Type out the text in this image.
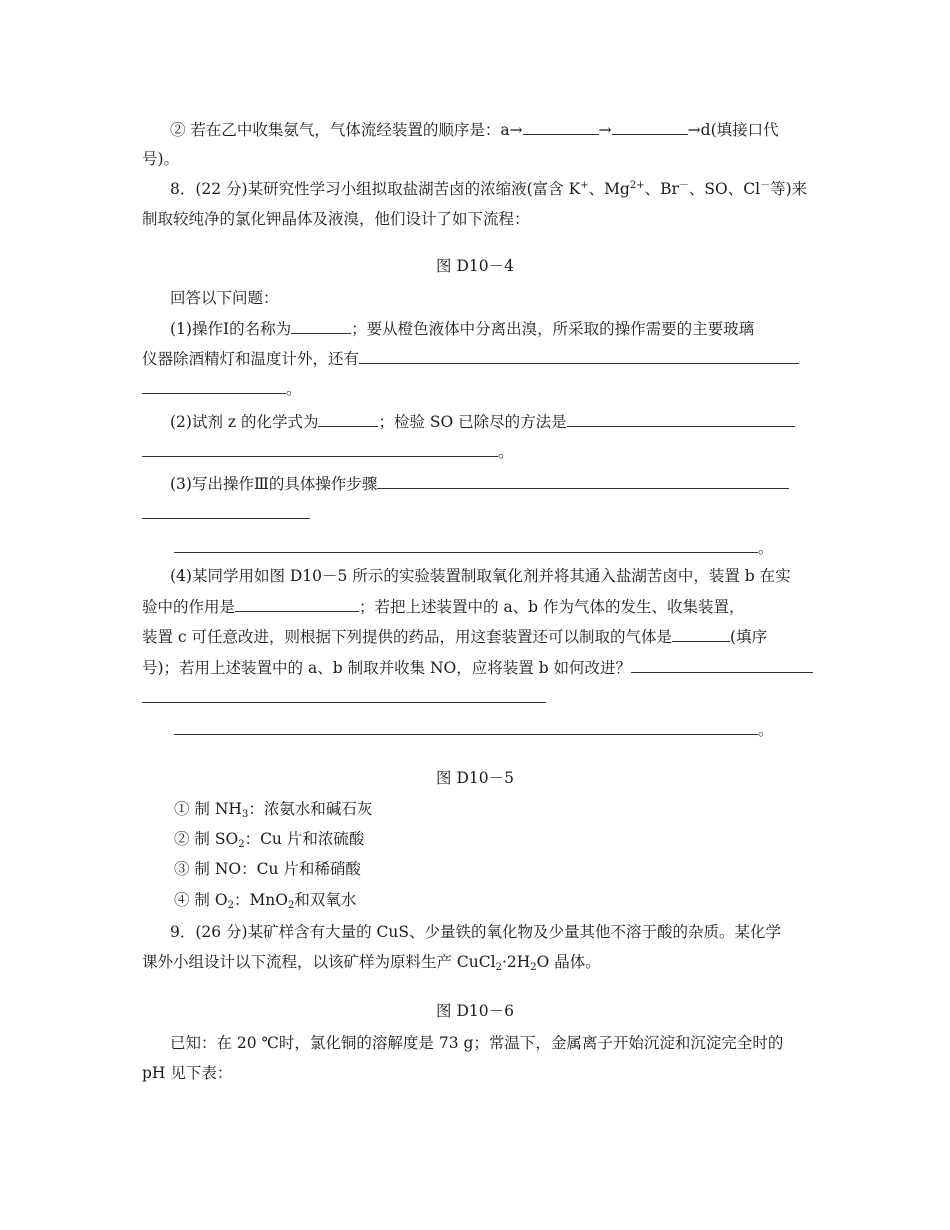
② 若在乙中收集氨气，气体流经装置的顺序是：a→	→	→d(填接口代
号)。
8．(22 分)某研究性学习小组拟取盐湖苦卤的浓缩液(富含 K+、$Mg^{2+}$、Br－、SO、Cl－等)来
制取较纯净的氯化钾晶体及液溴，他们设计了如下流程：
图 D10－4
回答以下问题：
(1)操作Ⅰ的名称为	；要从橙色液体中分离出溴，所采取的操作需要的主要玻璃
仪器除酒精灯和温度计外，还有
。
(2)试剂 z 的化学式为	；检验 SO 已除尽的方法是
。
(3)写出操作Ⅲ的具体操作步骤
。
(4)某同学用如图 D10－5 所示的实验装置制取氧化剂并将其通入盐湖苦卤中，装置 b 在实
验中的作用是	；若把上述装置中的 a、b 作为气体的发生、收集装置，
装置 c 可任意改进，则根据下列提供的药品，用这套装置还可以制取的气体是	(填序
号)；若用上述装置中的 a、b 制取并收集 NO，应将装置 b 如何改进？
。
图 D10－5
① 制 $NH_3$：浓氨水和碱石灰
② 制 $SO_2$：Cu 片和浓硫酸
③ 制 NO：Cu 片和稀硝酸
④ 制 $O_2$：MnO$_2$和双氧水
9．(26 分)某矿样含有大量的 CuS、少量铁的氧化物及少量其他不溶于酸的杂质。某化学
课外小组设计以下流程，以该矿样为原料生产 $CuCl_2\cdot 2H_2O$ 晶体。
图 D10－6
已知：在 20 ℃时，氯化铜的溶解度是 73 g；常温下，金属离子开始沉淀和沉淀完全时的
pH 见下表：
